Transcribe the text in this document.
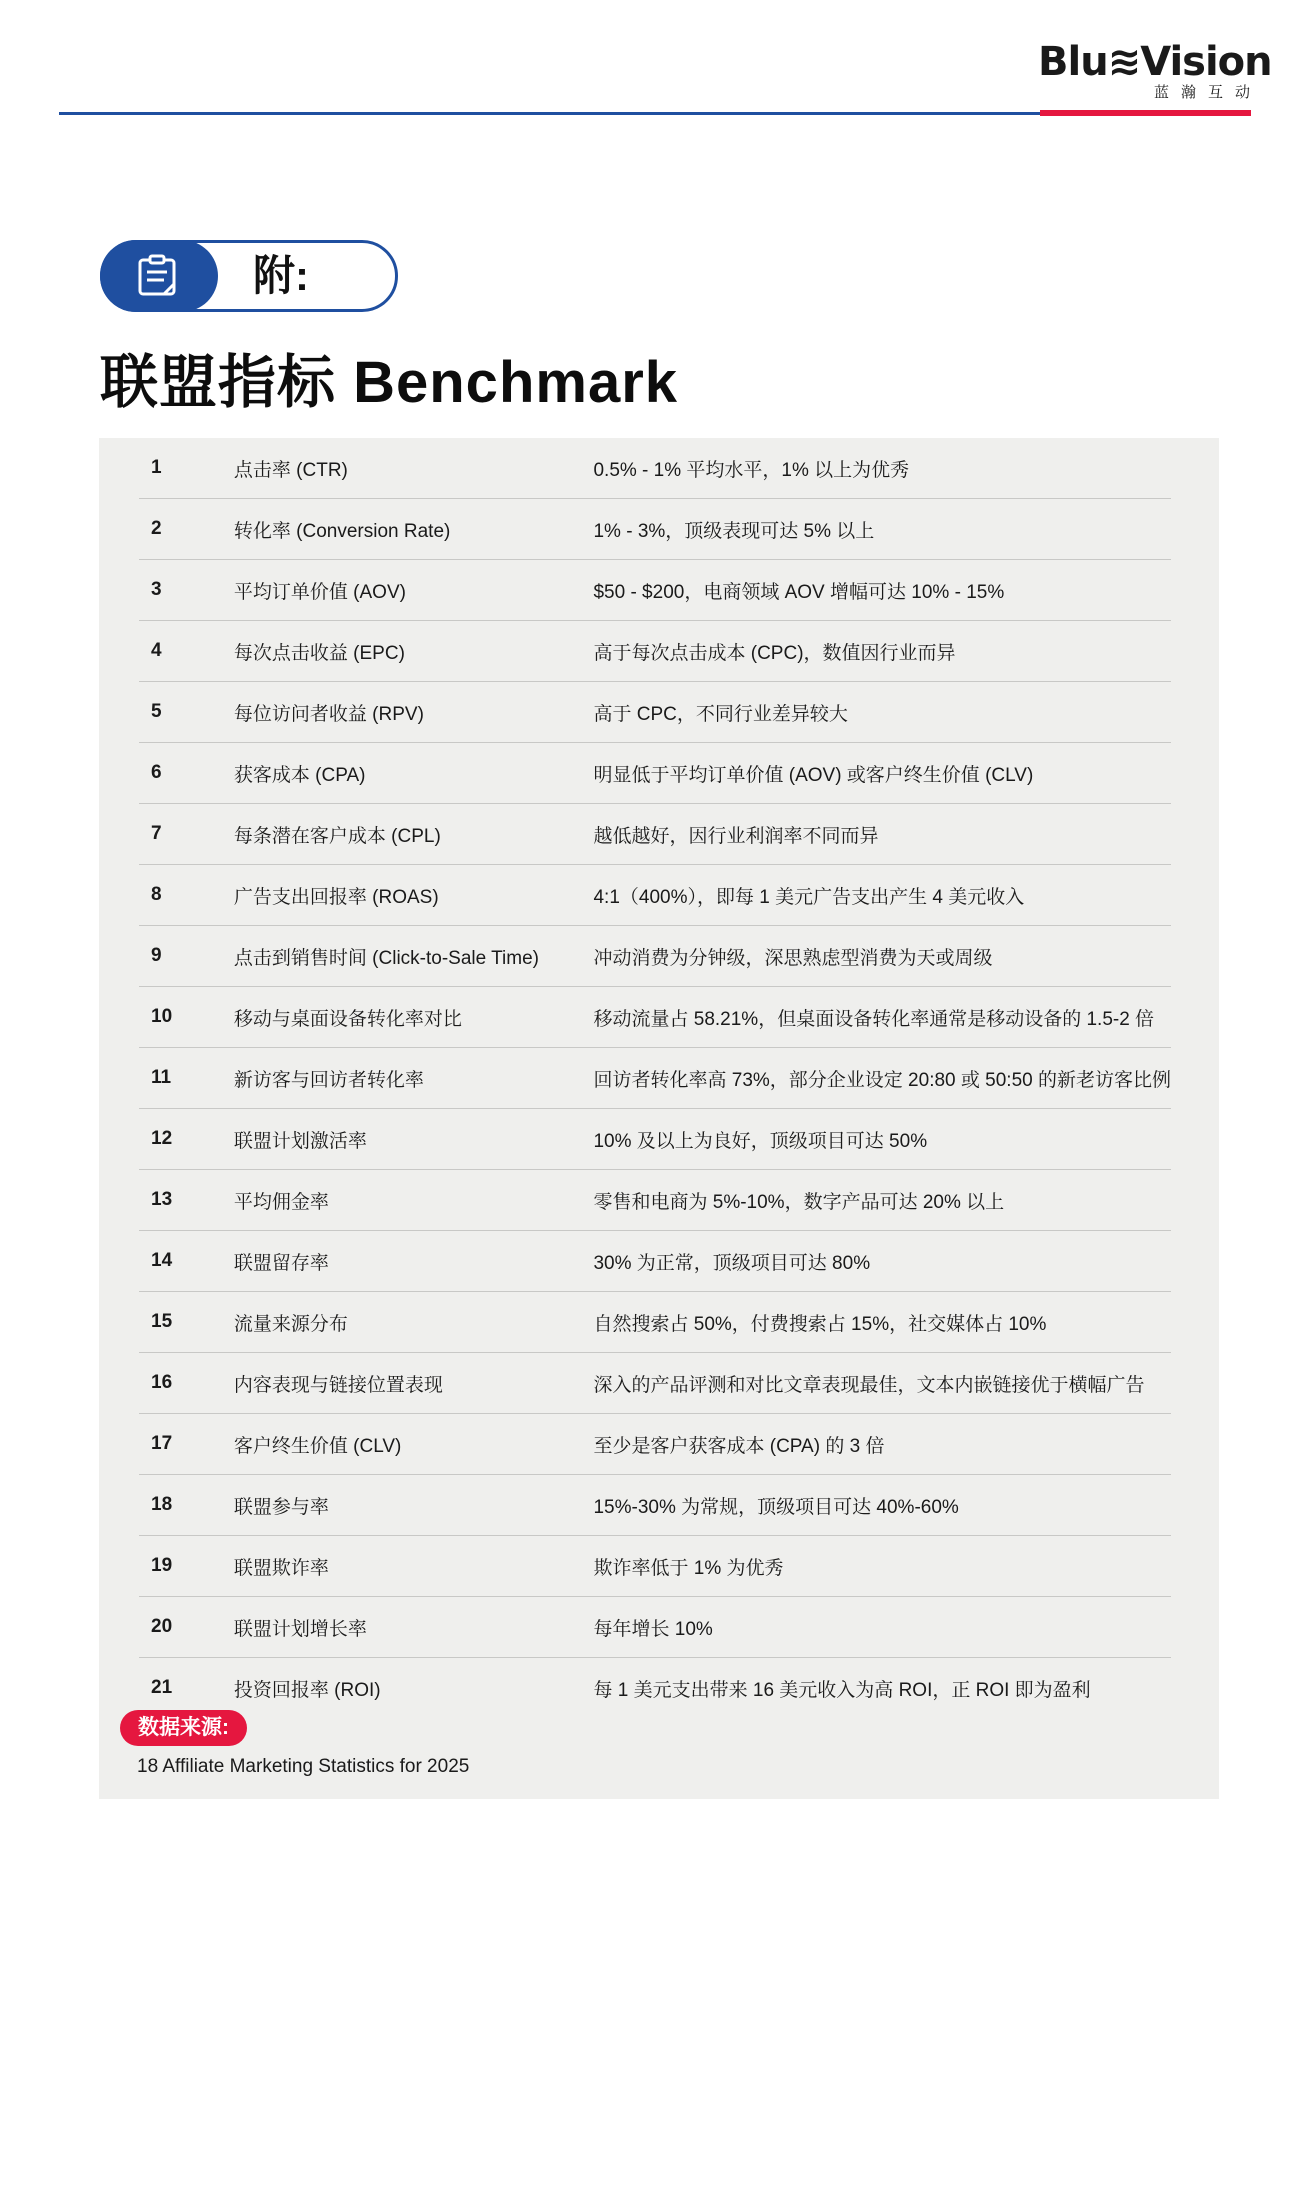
Blu≋Vision
蓝瀚互动
附:
联盟指标 Benchmark
1	点击率 (CTR)	0.5% - 1% 平均水平，1% 以上为优秀
2	转化率 (Conversion Rate)	1% - 3%，顶级表现可达 5% 以上
3	平均订单价值 (AOV)	$50 - $200，电商领域 AOV 增幅可达 10% - 15%
4	每次点击收益 (EPC)	高于每次点击成本 (CPC)，数值因行业而异
5	每位访问者收益 (RPV)	高于 CPC，不同行业差异较大
6	获客成本 (CPA)	明显低于平均订单价值 (AOV) 或客户终生价值 (CLV)
7	每条潜在客户成本 (CPL)	越低越好，因行业利润率不同而异
8	广告支出回报率 (ROAS)	4:1（400%），即每 1 美元广告支出产生 4 美元收入
9	点击到销售时间 (Click-to-Sale Time)	冲动消费为分钟级，深思熟虑型消费为天或周级
10	移动与桌面设备转化率对比	移动流量占 58.21%，但桌面设备转化率通常是移动设备的 1.5-2 倍
11	新访客与回访者转化率	回访者转化率高 73%，部分企业设定 20:80 或 50:50 的新老访客比例
12	联盟计划激活率	10% 及以上为良好，顶级项目可达 50%
13	平均佣金率	零售和电商为 5%-10%，数字产品可达 20% 以上
14	联盟留存率	30% 为正常，顶级项目可达 80%
15	流量来源分布	自然搜索占 50%，付费搜索占 15%，社交媒体占 10%
16	内容表现与链接位置表现	深入的产品评测和对比文章表现最佳，文本内嵌链接优于横幅广告
17	客户终生价值 (CLV)	至少是客户获客成本 (CPA) 的 3 倍
18	联盟参与率	15%-30% 为常规，顶级项目可达 40%-60%
19	联盟欺诈率	欺诈率低于 1% 为优秀
20	联盟计划增长率	每年增长 10%
21	投资回报率 (ROI)	每 1 美元支出带来 16 美元收入为高 ROI，正 ROI 即为盈利
数据来源:
18 Affiliate Marketing Statistics for 2025
